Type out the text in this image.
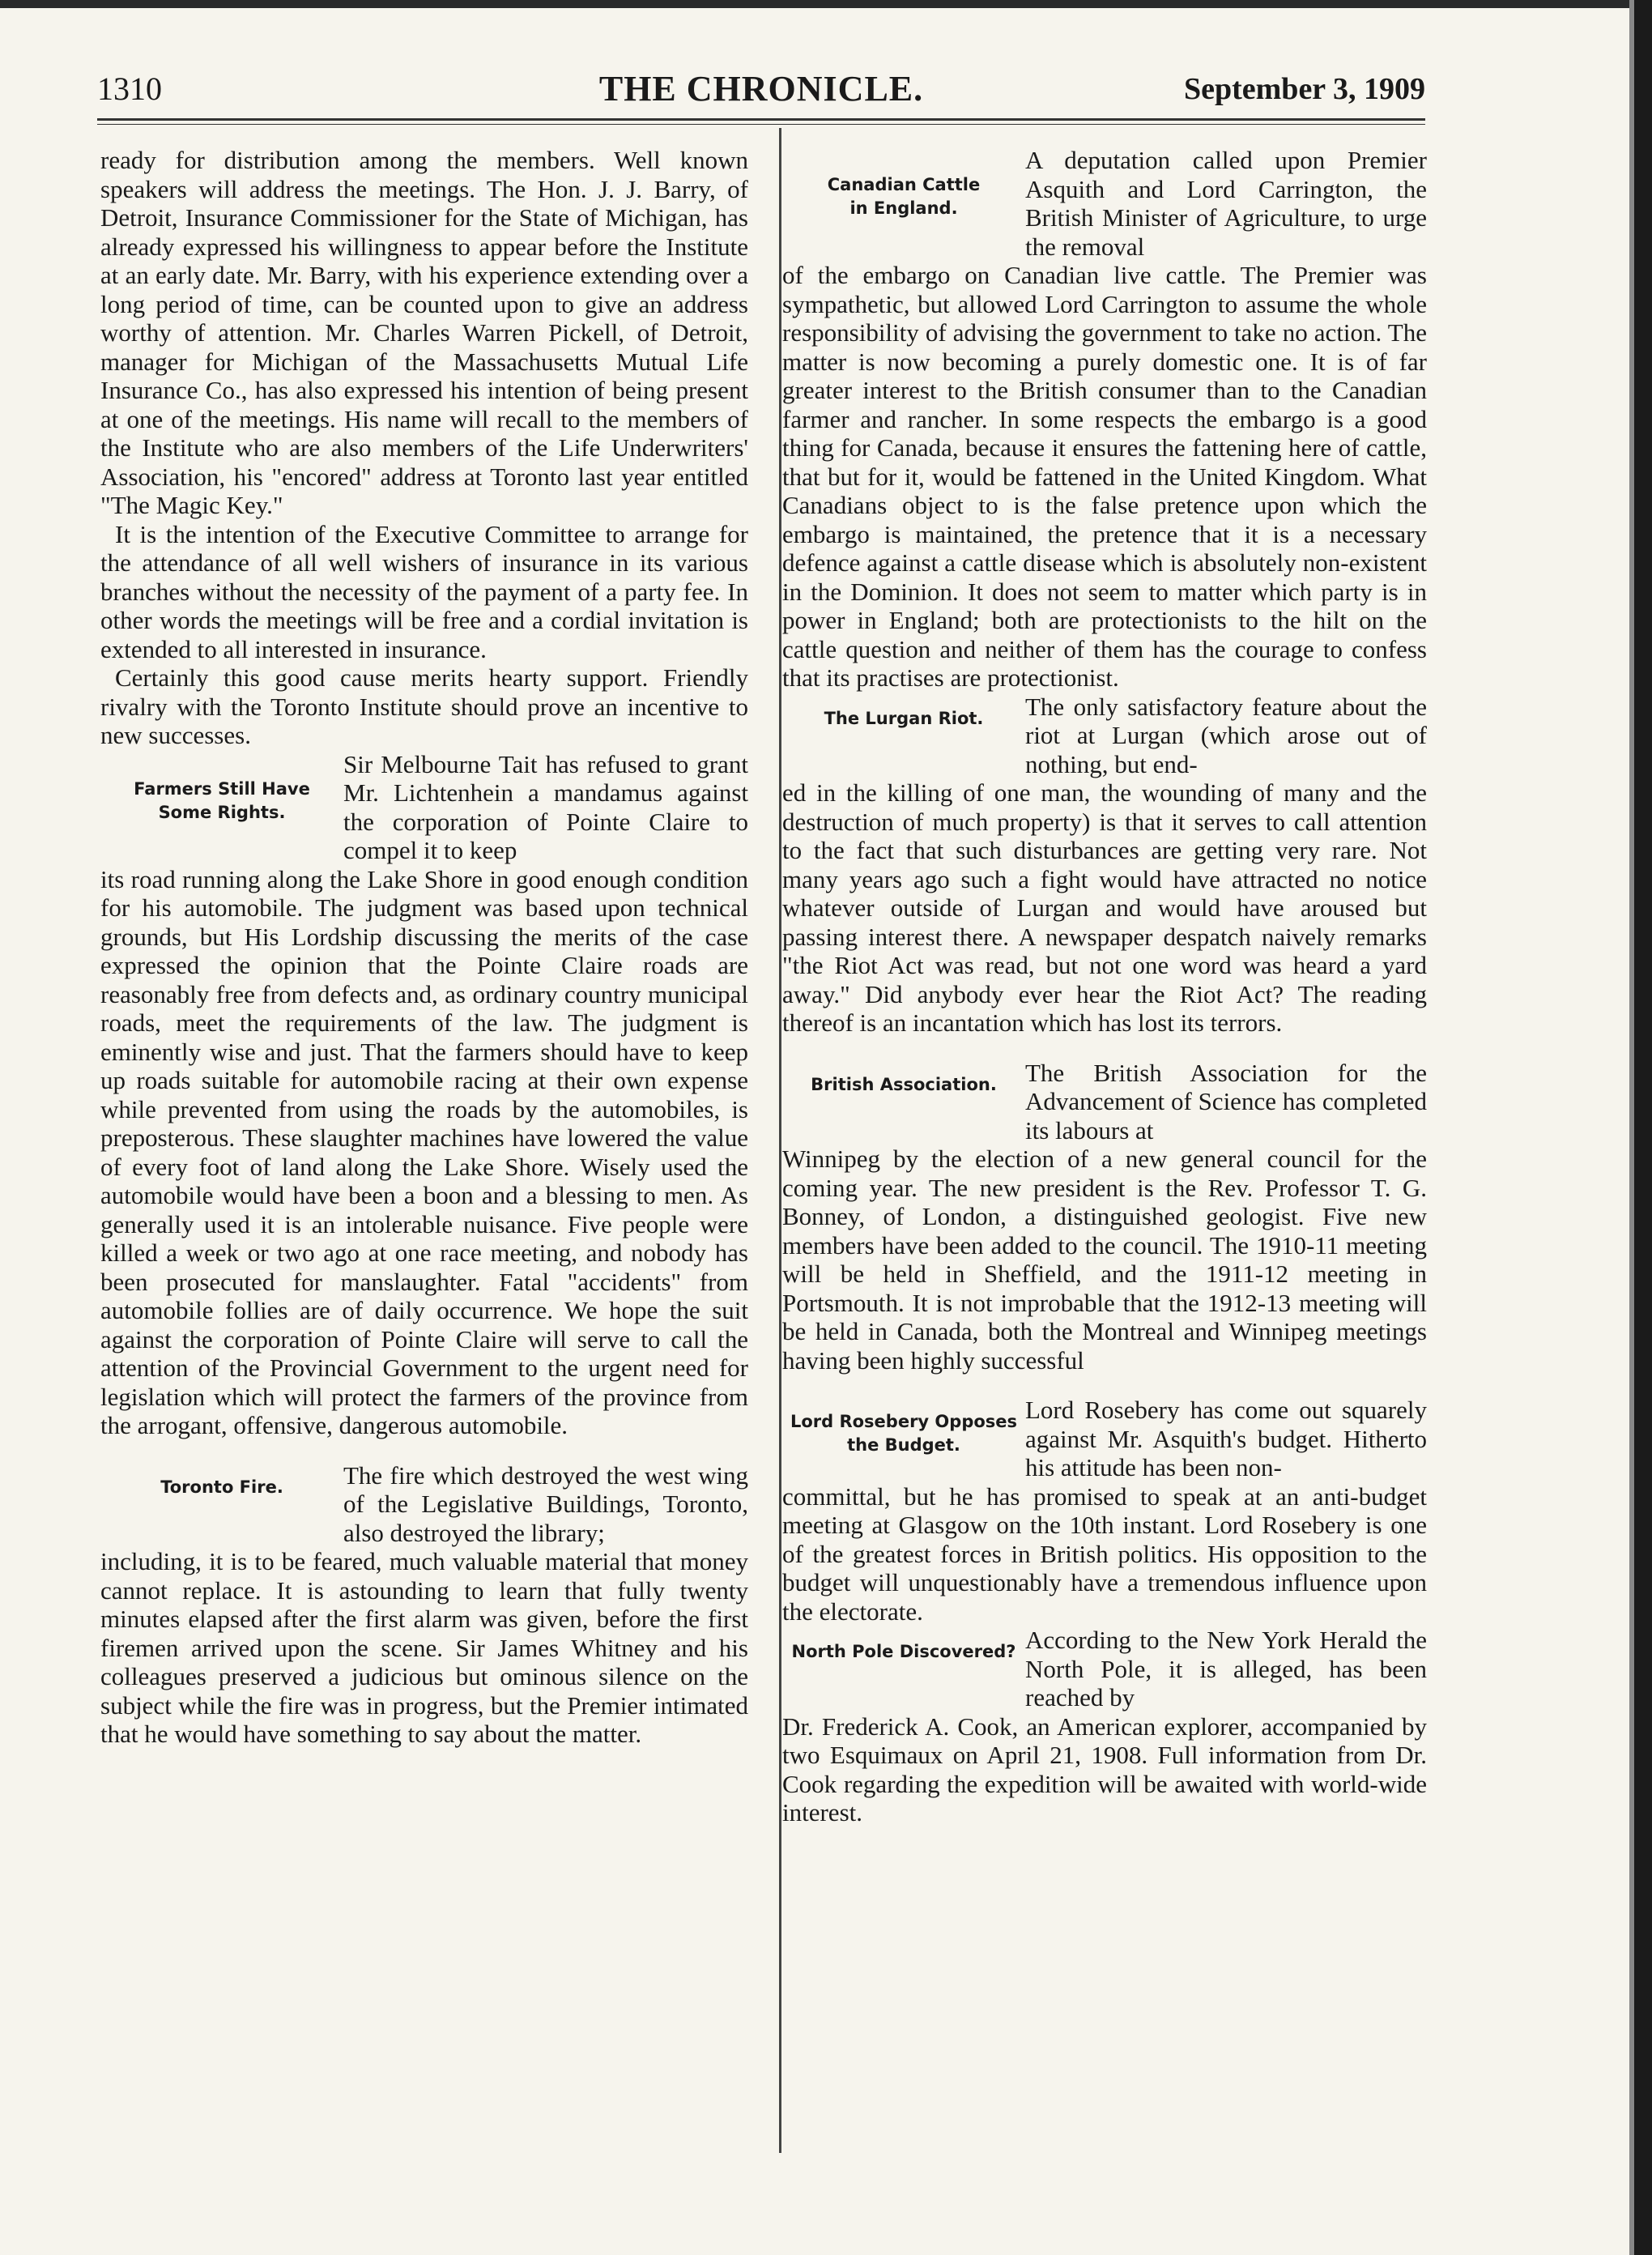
1310	THE CHRONICLE.	September 3, 1909

ready for distribution among the members. Well known speakers will address the meetings. The Hon. J. J. Barry, of Detroit, Insurance Commissioner for the State of Michigan, has already expressed his willingness to appear before the Institute at an early date. Mr. Barry, with his experience extending over a long period of time, can be counted upon to give an address worthy of attention. Mr. Charles Warren Pickell, of Detroit, manager for Michigan of the Massachusetts Mutual Life Insurance Co., has also expressed his intention of being present at one of the meetings. His name will recall to the members of the Institute who are also members of the Life Underwriters' Association, his "encored" address at Toronto last year entitled "The Magic Key."

It is the intention of the Executive Committee to arrange for the attendance of all well wishers of insurance in its various branches without the necessity of the payment of a party fee. In other words the meetings will be free and a cordial invitation is extended to all interested in insurance.

Certainly this good cause merits hearty support. Friendly rivalry with the Toronto Institute should prove an incentive to new successes.

Farmers Still Have
Some Rights.
Sir Melbourne Tait has refused to grant Mr. Lichtenhein a mandamus against the corporation of Pointe Claire to compel it to keep

its road running along the Lake Shore in good enough condition for his automobile. The judgment was based upon technical grounds, but His Lordship discussing the merits of the case expressed the opinion that the Pointe Claire roads are reasonably free from defects and, as ordinary country municipal roads, meet the requirements of the law. The judgment is eminently wise and just. That the farmers should have to keep up roads suitable for automobile racing at their own expense while prevented from using the roads by the automobiles, is preposterous. These slaughter machines have lowered the value of every foot of land along the Lake Shore. Wisely used the automobile would have been a boon and a blessing to men. As generally used it is an intolerable nuisance. Five people were killed a week or two ago at one race meeting, and nobody has been prosecuted for manslaughter. Fatal "accidents" from automobile follies are of daily occurrence. We hope the suit against the corporation of Pointe Claire will serve to call the attention of the Provincial Government to the urgent need for legislation which will protect the farmers of the province from the arrogant, offensive, dangerous automobile.

Toronto Fire.	The fire which destroyed the west wing of the Legislative Buildings, Toronto, also destroyed the library;

including, it is to be feared, much valuable material that money cannot replace. It is astounding to learn that fully twenty minutes elapsed after the first alarm was given, before the first firemen arrived upon the scene. Sir James Whitney and his colleagues preserved a judicious but ominous silence on the subject while the fire was in progress, but the Premier intimated that he would have something to say about the matter.

Canadian Cattle
in England.
A deputation called upon Premier Asquith and Lord Carrington, the British Minister of Agriculture, to urge the removal

of the embargo on Canadian live cattle. The Premier was sympathetic, but allowed Lord Carrington to assume the whole responsibility of advising the government to take no action. The matter is now becoming a purely domestic one. It is of far greater interest to the British consumer than to the Canadian farmer and rancher. In some respects the embargo is a good thing for Canada, because it ensures the fattening here of cattle, that but for it, would be fattened in the United Kingdom. What Canadians object to is the false pretence upon which the embargo is maintained, the pretence that it is a necessary defence against a cattle disease which is absolutely non-existent in the Dominion. It does not seem to matter which party is in power in England; both are protectionists to the hilt on the cattle question and neither of them has the courage to confess that its practises are protectionist.

The Lurgan Riot.	The only satisfactory feature about the riot at Lurgan (which arose out of nothing, but end-

ed in the killing of one man, the wounding of many and the destruction of much property) is that it serves to call attention to the fact that such disturbances are getting very rare. Not many years ago such a fight would have attracted no notice whatever outside of Lurgan and would have aroused but passing interest there. A newspaper despatch naively remarks "the Riot Act was read, but not one word was heard a yard away." Did anybody ever hear the Riot Act? The reading thereof is an incantation which has lost its terrors.

British Association.	The British Association for the Advancement of Science has completed its labours at

Winnipeg by the election of a new general council for the coming year. The new president is the Rev. Professor T. G. Bonney, of London, a distinguished geologist. Five new members have been added to the council. The 1910-11 meeting will be held in Sheffield, and the 1911-12 meeting in Portsmouth. It is not improbable that the 1912-13 meeting will be held in Canada, both the Montreal and Winnipeg meetings having been highly successful

Lord Rosebery Opposes
the Budget.
Lord Rosebery has come out squarely against Mr. Asquith's budget. Hitherto his attitude has been non-

committal, but he has promised to speak at an anti-budget meeting at Glasgow on the 10th instant. Lord Rosebery is one of the greatest forces in British politics. His opposition to the budget will unquestionably have a tremendous influence upon the electorate.

North Pole Discovered? According to the New York Herald the North Pole, it is alleged, has been reached by

Dr. Frederick A. Cook, an American explorer, accompanied by two Esquimaux on April 21, 1908. Full information from Dr. Cook regarding the expedition will be awaited with world-wide interest.
